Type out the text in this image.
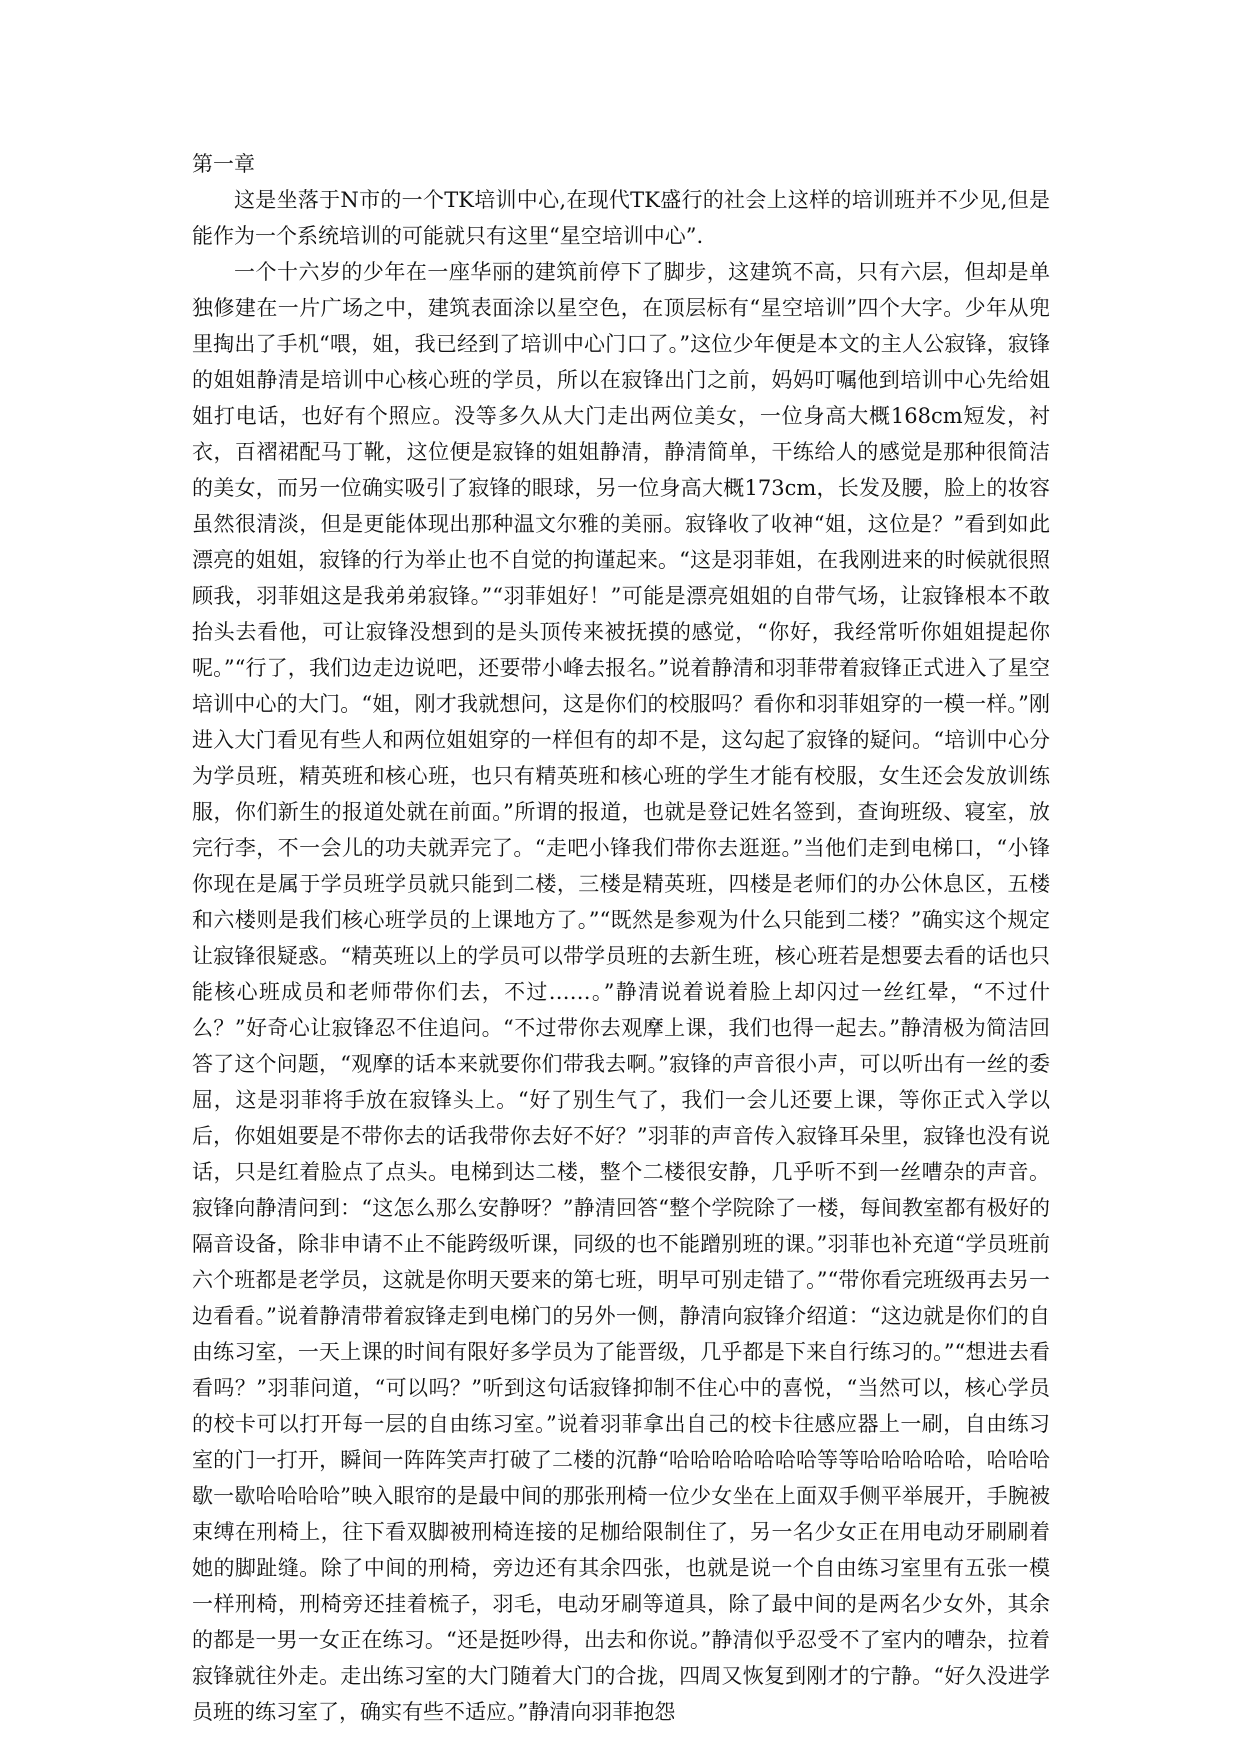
第一章

这是坐落于N市的一个TK培训中心,在现代TK盛行的社会上这样的培训班并不少见,但是能作为一个系统培训的可能就只有这里“星空培训中心”.

一个十六岁的少年在一座华丽的建筑前停下了脚步，这建筑不高，只有六层，但却是单独修建在一片广场之中，建筑表面涂以星空色，在顶层标有“星空培训”四个大字。少年从兜里掏出了手机“喂，姐，我已经到了培训中心门口了。”这位少年便是本文的主人公寂锋，寂锋的姐姐静清是培训中心核心班的学员，所以在寂锋出门之前，妈妈叮嘱他到培训中心先给姐姐打电话，也好有个照应。没等多久从大门走出两位美女，一位身高大概168cm短发，衬衣，百褶裙配马丁靴，这位便是寂锋的姐姐静清，静清简单，干练给人的感觉是那种很简洁的美女，而另一位确实吸引了寂锋的眼球，另一位身高大概173cm，长发及腰，脸上的妆容虽然很清淡，但是更能体现出那种温文尔雅的美丽。寂锋收了收神“姐，这位是？”看到如此漂亮的姐姐，寂锋的行为举止也不自觉的拘谨起来。“这是羽菲姐，在我刚进来的时候就很照顾我，羽菲姐这是我弟弟寂锋。”“羽菲姐好！”可能是漂亮姐姐的自带气场，让寂锋根本不敢抬头去看他，可让寂锋没想到的是头顶传来被抚摸的感觉，“你好，我经常听你姐姐提起你呢。”“行了，我们边走边说吧，还要带小峰去报名。”说着静清和羽菲带着寂锋正式进入了星空培训中心的大门。“姐，刚才我就想问，这是你们的校服吗？看你和羽菲姐穿的一模一样。”刚进入大门看见有些人和两位姐姐穿的一样但有的却不是，这勾起了寂锋的疑问。“培训中心分为学员班，精英班和核心班，也只有精英班和核心班的学生才能有校服，女生还会发放训练服，你们新生的报道处就在前面。”所谓的报道，也就是登记姓名签到，查询班级、寝室，放完行李，不一会儿的功夫就弄完了。“走吧小锋我们带你去逛逛。”当他们走到电梯口，“小锋你现在是属于学员班学员就只能到二楼，三楼是精英班，四楼是老师们的办公休息区，五楼和六楼则是我们核心班学员的上课地方了。”“既然是参观为什么只能到二楼？”确实这个规定让寂锋很疑惑。“精英班以上的学员可以带学员班的去新生班，核心班若是想要去看的话也只能核心班成员和老师带你们去，不过……。”静清说着说着脸上却闪过一丝红晕，“不过什么？”好奇心让寂锋忍不住追问。“不过带你去观摩上课，我们也得一起去。”静清极为简洁回答了这个问题，“观摩的话本来就要你们带我去啊。”寂锋的声音很小声，可以听出有一丝的委屈，这是羽菲将手放在寂锋头上。“好了别生气了，我们一会儿还要上课，等你正式入学以后，你姐姐要是不带你去的话我带你去好不好？”羽菲的声音传入寂锋耳朵里，寂锋也没有说话，只是红着脸点了点头。电梯到达二楼，整个二楼很安静，几乎听不到一丝嘈杂的声音。寂锋向静清问到：“这怎么那么安静呀？”静清回答“整个学院除了一楼，每间教室都有极好的隔音设备，除非申请不止不能跨级听课，同级的也不能蹭别班的课。”羽菲也补充道“学员班前六个班都是老学员，这就是你明天要来的第七班，明早可别走错了。”“带你看完班级再去另一边看看。”说着静清带着寂锋走到电梯门的另外一侧，静清向寂锋介绍道：“这边就是你们的自由练习室，一天上课的时间有限好多学员为了能晋级，几乎都是下来自行练习的。”“想进去看看吗？”羽菲问道，“可以吗？”听到这句话寂锋抑制不住心中的喜悦，“当然可以，核心学员的校卡可以打开每一层的自由练习室。”说着羽菲拿出自己的校卡往感应器上一刷，自由练习室的门一打开，瞬间一阵阵笑声打破了二楼的沉静“哈哈哈哈哈哈哈等等哈哈哈哈哈，哈哈哈歇一歇哈哈哈哈”映入眼帘的是最中间的那张刑椅一位少女坐在上面双手侧平举展开，手腕被束缚在刑椅上，往下看双脚被刑椅连接的足枷给限制住了，另一名少女正在用电动牙刷刷着她的脚趾缝。除了中间的刑椅，旁边还有其余四张，也就是说一个自由练习室里有五张一模一样刑椅，刑椅旁还挂着梳子，羽毛，电动牙刷等道具，除了最中间的是两名少女外，其余的都是一男一女正在练习。“还是挺吵得，出去和你说。”静清似乎忍受不了室内的嘈杂，拉着寂锋就往外走。走出练习室的大门随着大门的合拢，四周又恢复到刚才的宁静。“好久没进学员班的练习室了，确实有些不适应。”静清向羽菲抱怨
